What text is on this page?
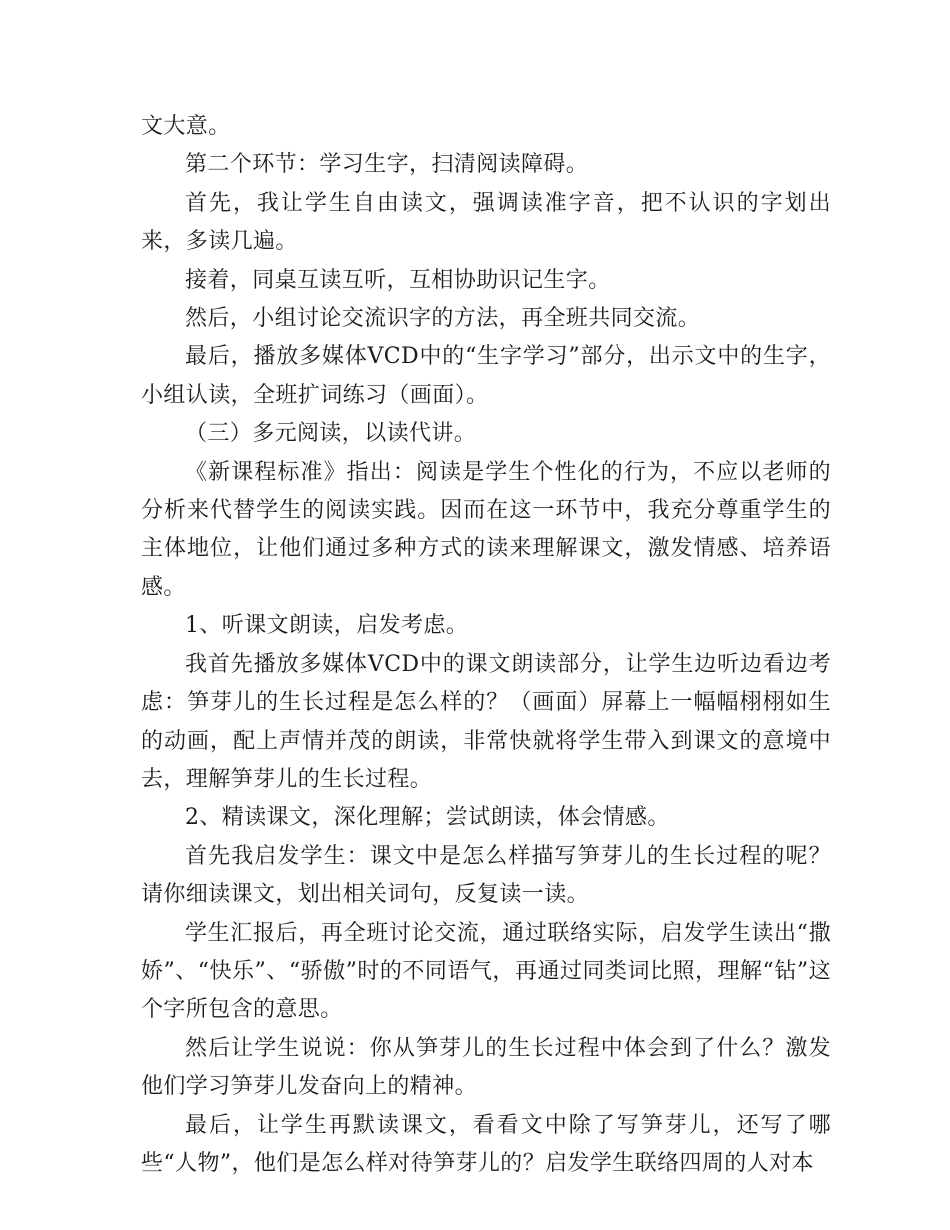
文大意。

第二个环节：学习生字，扫清阅读障碍。

首先，我让学生自由读文，强调读准字音，把不认识的字划出来，多读几遍。

接着，同桌互读互听，互相协助识记生字。

然后，小组讨论交流识字的方法，再全班共同交流。

最后，播放多媒体VCD中的“生字学习”部分，出示文中的生字，小组认读，全班扩词练习（画面）。

（三）多元阅读，以读代讲。

《新课程标准》指出：阅读是学生个性化的行为，不应以老师的分析来代替学生的阅读实践。因而在这一环节中，我充分尊重学生的主体地位，让他们通过多种方式的读来理解课文，激发情感、培养语感。

1、听课文朗读，启发考虑。

我首先播放多媒体VCD中的课文朗读部分，让学生边听边看边考虑：笋芽儿的生长过程是怎么样的？（画面）屏幕上一幅幅栩栩如生的动画，配上声情并茂的朗读，非常快就将学生带入到课文的意境中去，理解笋芽儿的生长过程。

2、精读课文，深化理解；尝试朗读，体会情感。

首先我启发学生：课文中是怎么样描写笋芽儿的生长过程的呢？请你细读课文，划出相关词句，反复读一读。

学生汇报后，再全班讨论交流，通过联络实际，启发学生读出“撒娇”、“快乐”、“骄傲”时的不同语气，再通过同类词比照，理解“钻”这个字所包含的意思。

然后让学生说说：你从笋芽儿的生长过程中体会到了什么？激发他们学习笋芽儿发奋向上的精神。

最后，让学生再默读课文，看看文中除了写笋芽儿，还写了哪些“人物”，他们是怎么样对待笋芽儿的？启发学生联络四周的人对本
